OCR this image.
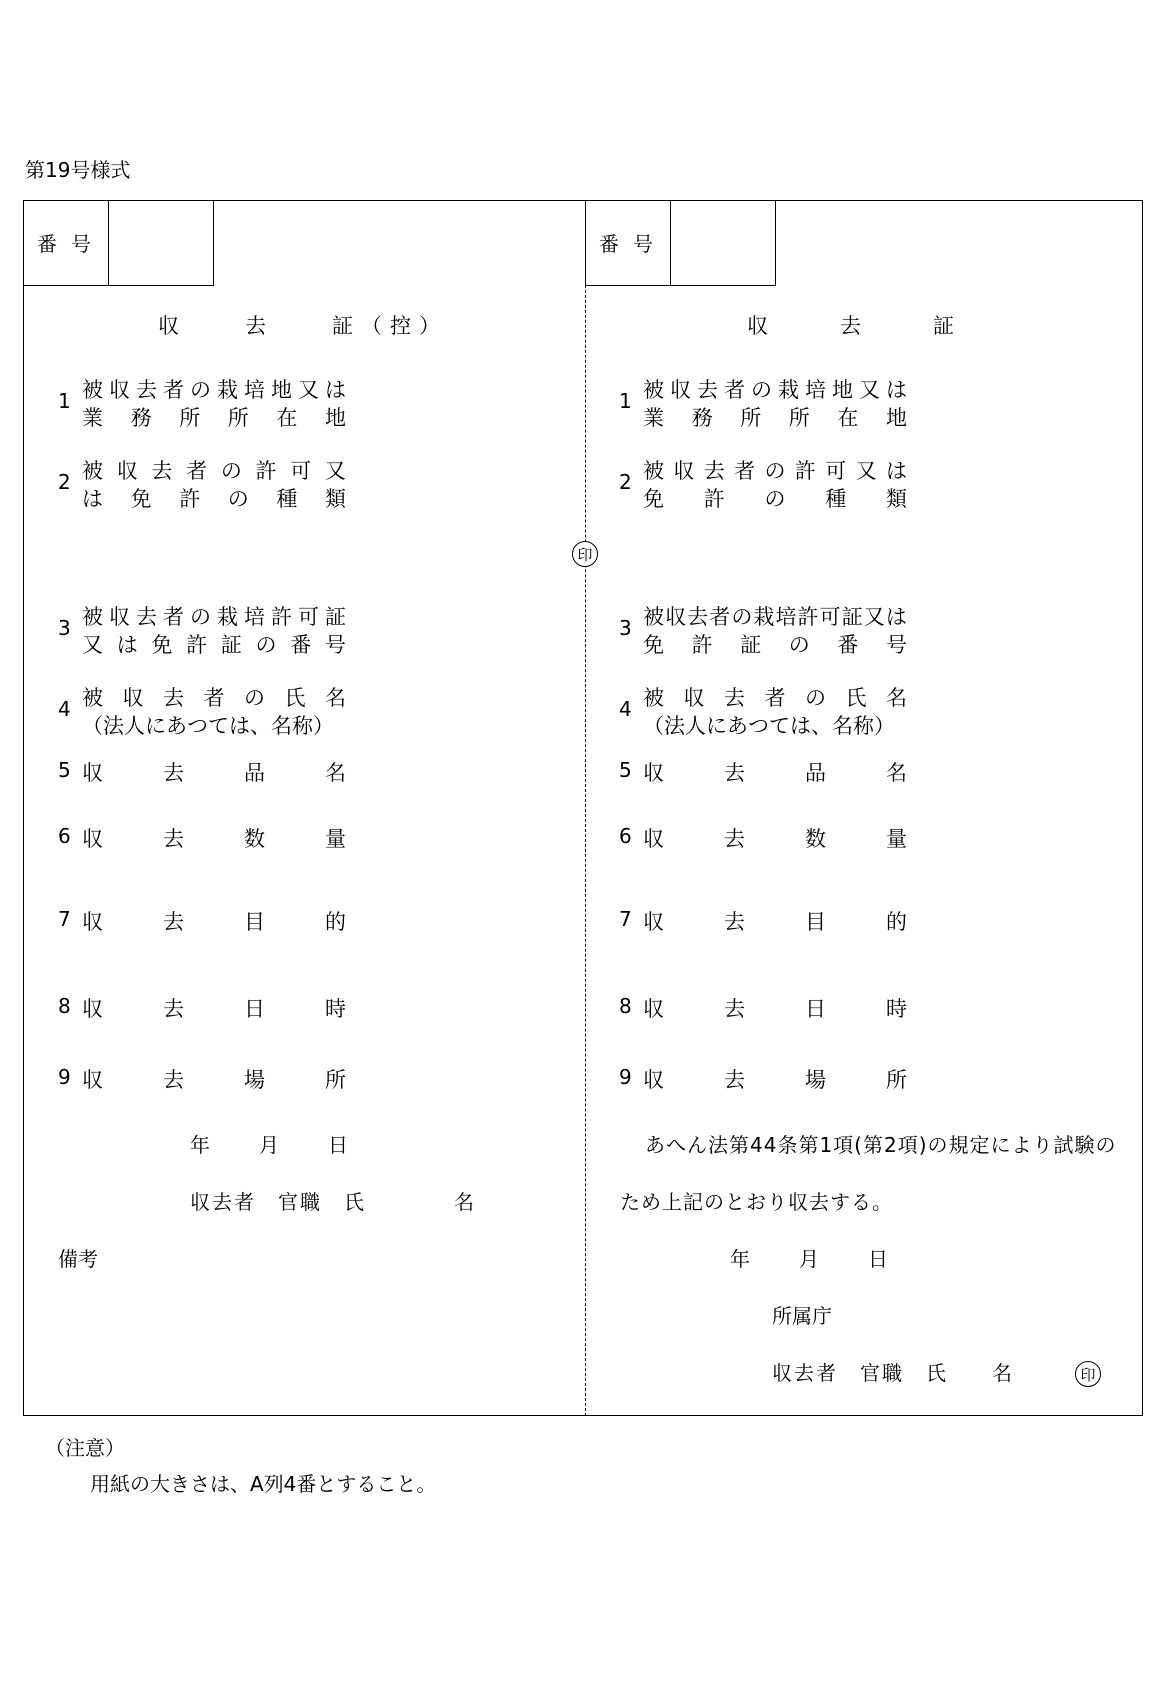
第19号様式
番号	番号
収　　去　　証（控）	収　　去　　証
印
1 被 収 去 者 の 栽 培 地 又 は
業 務 所 所 在 地
2 被 収 去 者 の 許 可 又
は 免 許 の 種 類
3 被 収 去 者 の 栽 培 許 可 証
又 は 免 許 証 の 番 号
4 被 収 去 者 の 氏 名
（法人にあつては、名称）
5 収	去	品	名
6 収	去	数	量
7 収	去	目	的
8 収	去	日	時
9 収	去	場	所
1 被 収 去 者 の 栽 培 地 又 は
業 務 所 所 在 地
2 被 収 去 者 の 許 可 又 は
免 許 の 種 類
3 被 収 去 者 の 栽 培 許 可 証 又 は
免 許 証 の 番 号
4 被 収 去 者 の 氏 名
（法人にあつては、名称）
5 収	去	品	名
6 収	去	数	量
7 収	去	目	的
8 収	去	日	時
9 収	去	場	所
年　　月　　日
収去者　官職　氏　　　　名
備考
あへん法第44条第1項(第2項)の規定により試験の
ため上記のとおり収去する。
年　　月　　日
所属庁
収去者　官職　氏　　名	印
（注意）
用紙の大きさは、A列4番とすること。
